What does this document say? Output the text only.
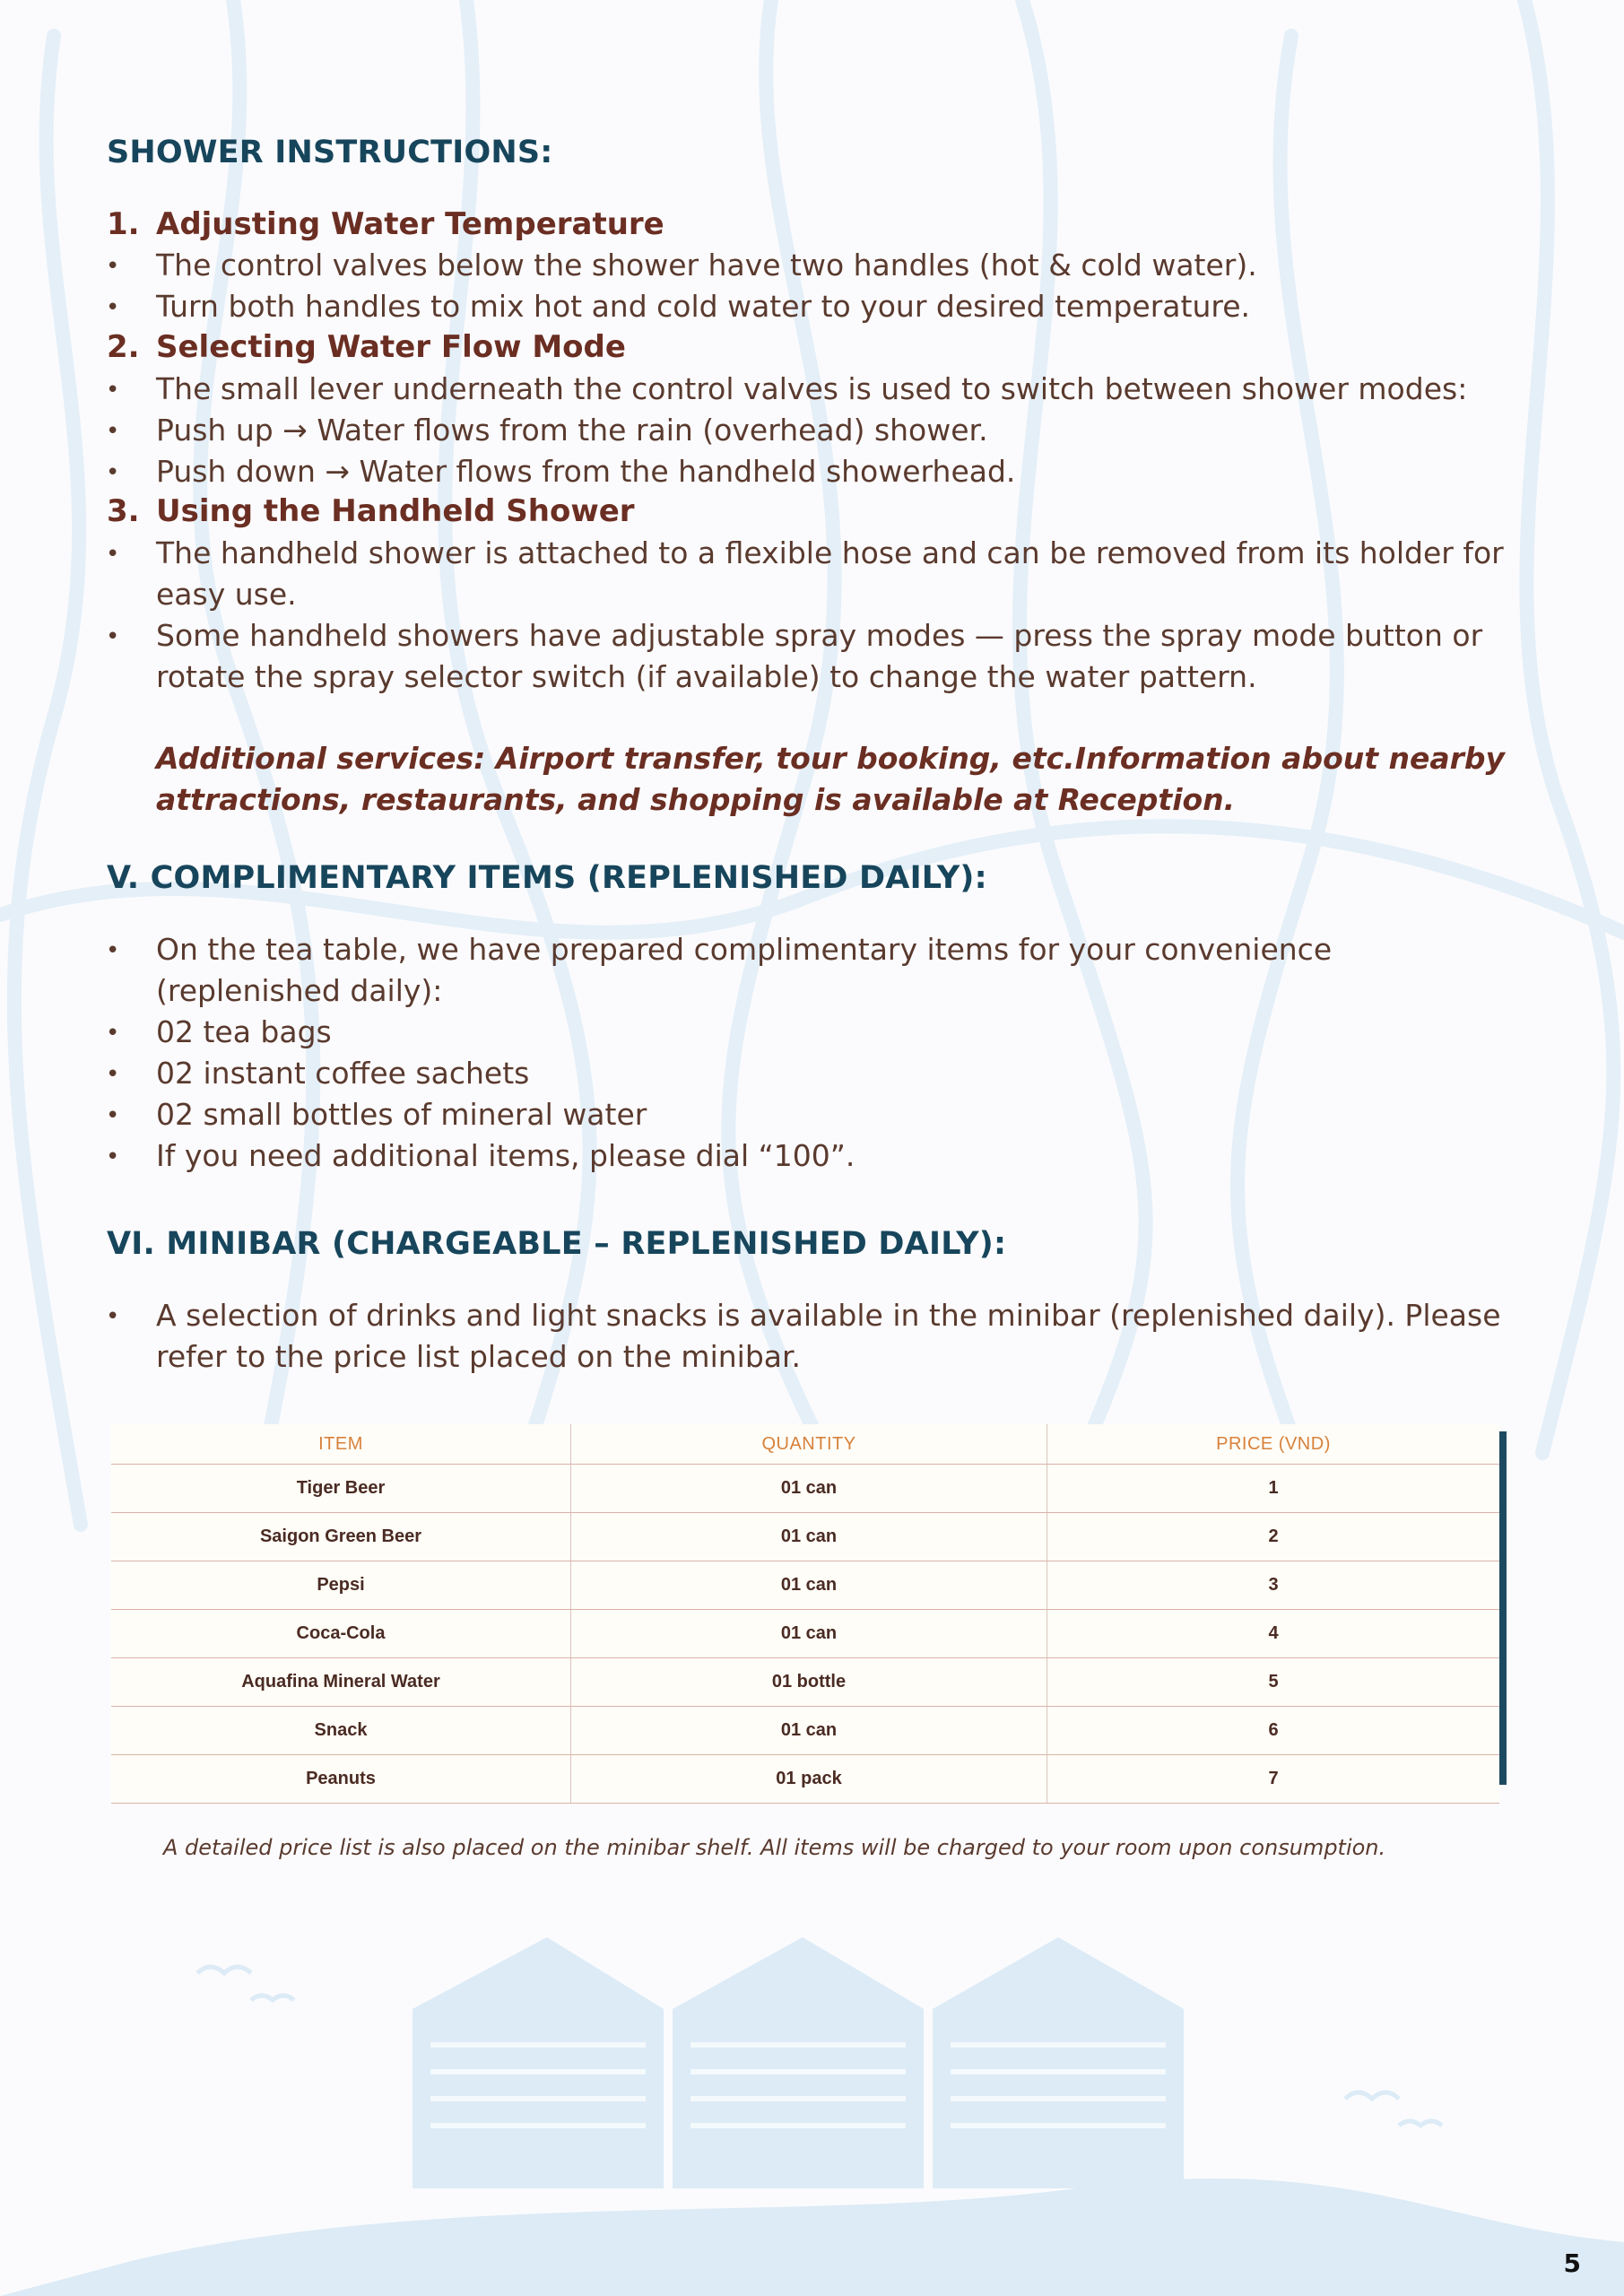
SHOWER INSTRUCTIONS:
1. Adjusting Water Temperature
• The control valves below the shower have two handles (hot & cold water).
• Turn both handles to mix hot and cold water to your desired temperature.
2. Selecting Water Flow Mode
• The small lever underneath the control valves is used to switch between shower modes:
• Push up → Water flows from the rain (overhead) shower.
• Push down → Water flows from the handheld showerhead.
3. Using the Handheld Shower
• The handheld shower is attached to a flexible hose and can be removed from its holder for
easy use.
• Some handheld showers have adjustable spray modes — press the spray mode button or
rotate the spray selector switch (if available) to change the water pattern.
Additional services: Airport transfer, tour booking, etc.Information about nearby
attractions, restaurants, and shopping is available at Reception.
V. COMPLIMENTARY ITEMS (REPLENISHED DAILY):
• On the tea table, we have prepared complimentary items for your convenience
(replenished daily):
• 02 tea bags
• 02 instant coffee sachets
• 02 small bottles of mineral water
• If you need additional items, please dial “100”.
VI. MINIBAR (CHARGEABLE – REPLENISHED DAILY):
• A selection of drinks and light snacks is available in the minibar (replenished daily). Please
refer to the price list placed on the minibar.
ITEM	QUANTITY	PRICE (VND)
Tiger Beer	01 can	1
Saigon Green Beer	01 can	2
Pepsi	01 can	3
Coca-Cola	01 can	4
Aquafina Mineral Water	01 bottle	5
Snack	01 can	6
Peanuts	01 pack	7
A detailed price list is also placed on the minibar shelf. All items will be charged to your room upon consumption.
5
